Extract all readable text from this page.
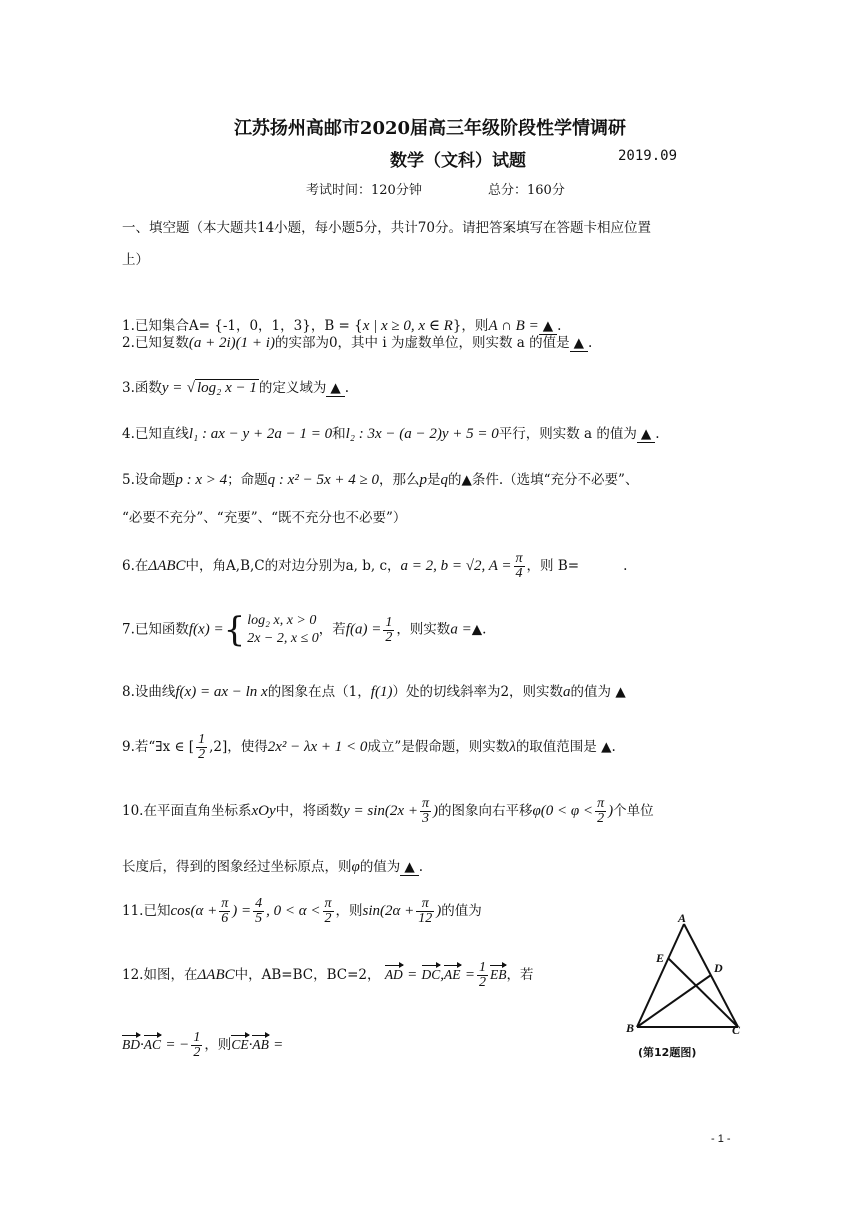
江苏扬州高邮市2020届高三年级阶段性学情调研
数学（文科）试题	2019.09
考试时间：120分钟	总分：160分
一、填空题（本大题共14小题，每小题5分，共计70分。请把答案填写在答题卡相应位置
上）
1.已知集合A= {-1，0，1，3}，B = {x | x ≥ 0, x ∈ R}，则A ∩ B = ▲ .
2.已知复数(a + 2i)(1 + i)的实部为0，其中 i 为虚数单位，则实数 a 的值是 ▲ .
3.函数y = √ log₂ x − 1 的定义域为 ▲ .
4.已知直线l₁ : ax − y + 2a − 1 = 0和l₂ : 3x − (a − 2)y + 5 = 0平行，则实数 a 的值为 ▲ .
5.设命题p : x > 4；命题q : x² − 5x + 4 ≥ 0，那么p是q的▲条件.（选填“充分不必要”、
“必要不充分”、“充要”、“既不充分也不必要”）
6.在ΔABC中，角A,B,C的对边分别为a, b, c，a = 2, b = √2, $A = \frac{\pi}{4}$ ，则 B=	.
7.已知函数f(x) ={ log₂ x, x > 0
2x − 2, x ≤ 0
，若$f(a) = \frac{1}{2}$ ，则实数a =▲.
8.设曲线f(x) = ax − ln x的图象在点（1，f(1)）处的切线斜率为2，则实数a的值为 ▲
9.若“∃x ∈ [ $\frac{1}{2} ,2$]，使得2x² − λx + 1 < 0成立”是假命题，则实数λ的取值范围是 ▲.
10.在平面直角坐标系xOy中，将函数$y = \sin(2x + \frac{\pi}{3}$ )的图象向右平移$\varphi(0 < \varphi < \frac{\pi}{2}$ )个单位
长度后，得到的图象经过坐标原点，则φ的值为 ▲ .
11.已知$\cos(\alpha + \frac{\pi}{6}$ ) = $\frac{4}{5}$ , $0 < \alpha < \frac{\pi}{2}$ ，则$\sin(2\alpha + \frac{\pi}{12}$ )的值为
12.如图，在ΔABC中，AB=BC，BC=2， AD = $DC,AE = \frac{1}{2}$ EB，若
BD·AC = − $\frac{1}{2}$ ，则CE·AB =
A
E
D
B	C
(第12题图)
- 1 -
